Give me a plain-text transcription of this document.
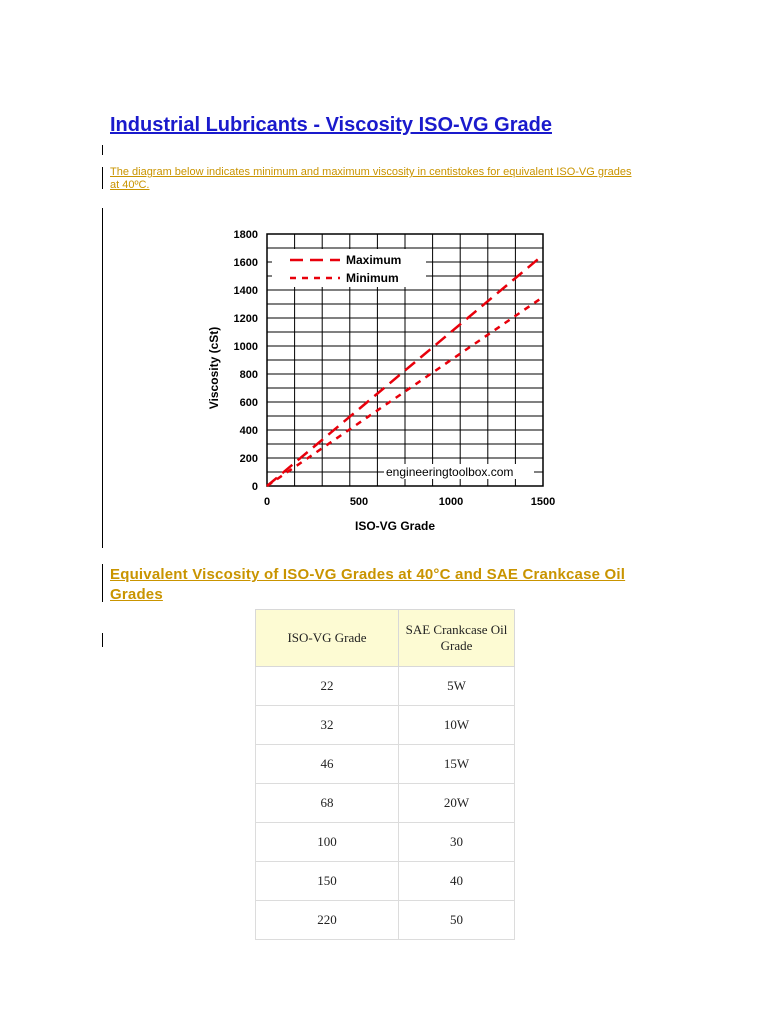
Industrial Lubricants - Viscosity ISO-VG Grade

The diagram below indicates minimum and maximum viscosity in centistokes for equivalent ISO-VG grades at 40ºC.

0
200
400
600
800
1000
1200
1400
1600
1800
0	500	1000	1500
ISO-VG Grade
Viscosity (cSt)
engineeringtoolbox.com
Maximum
Minimum
Equivalent Viscosity of ISO-VG Grades at 40°C and SAE Crankcase Oil Grades
ISO-VG Grade	SAE Crankcase Oil Grade
22	5W
32	10W
46	15W
68	20W
100	30
150	40
220	50
